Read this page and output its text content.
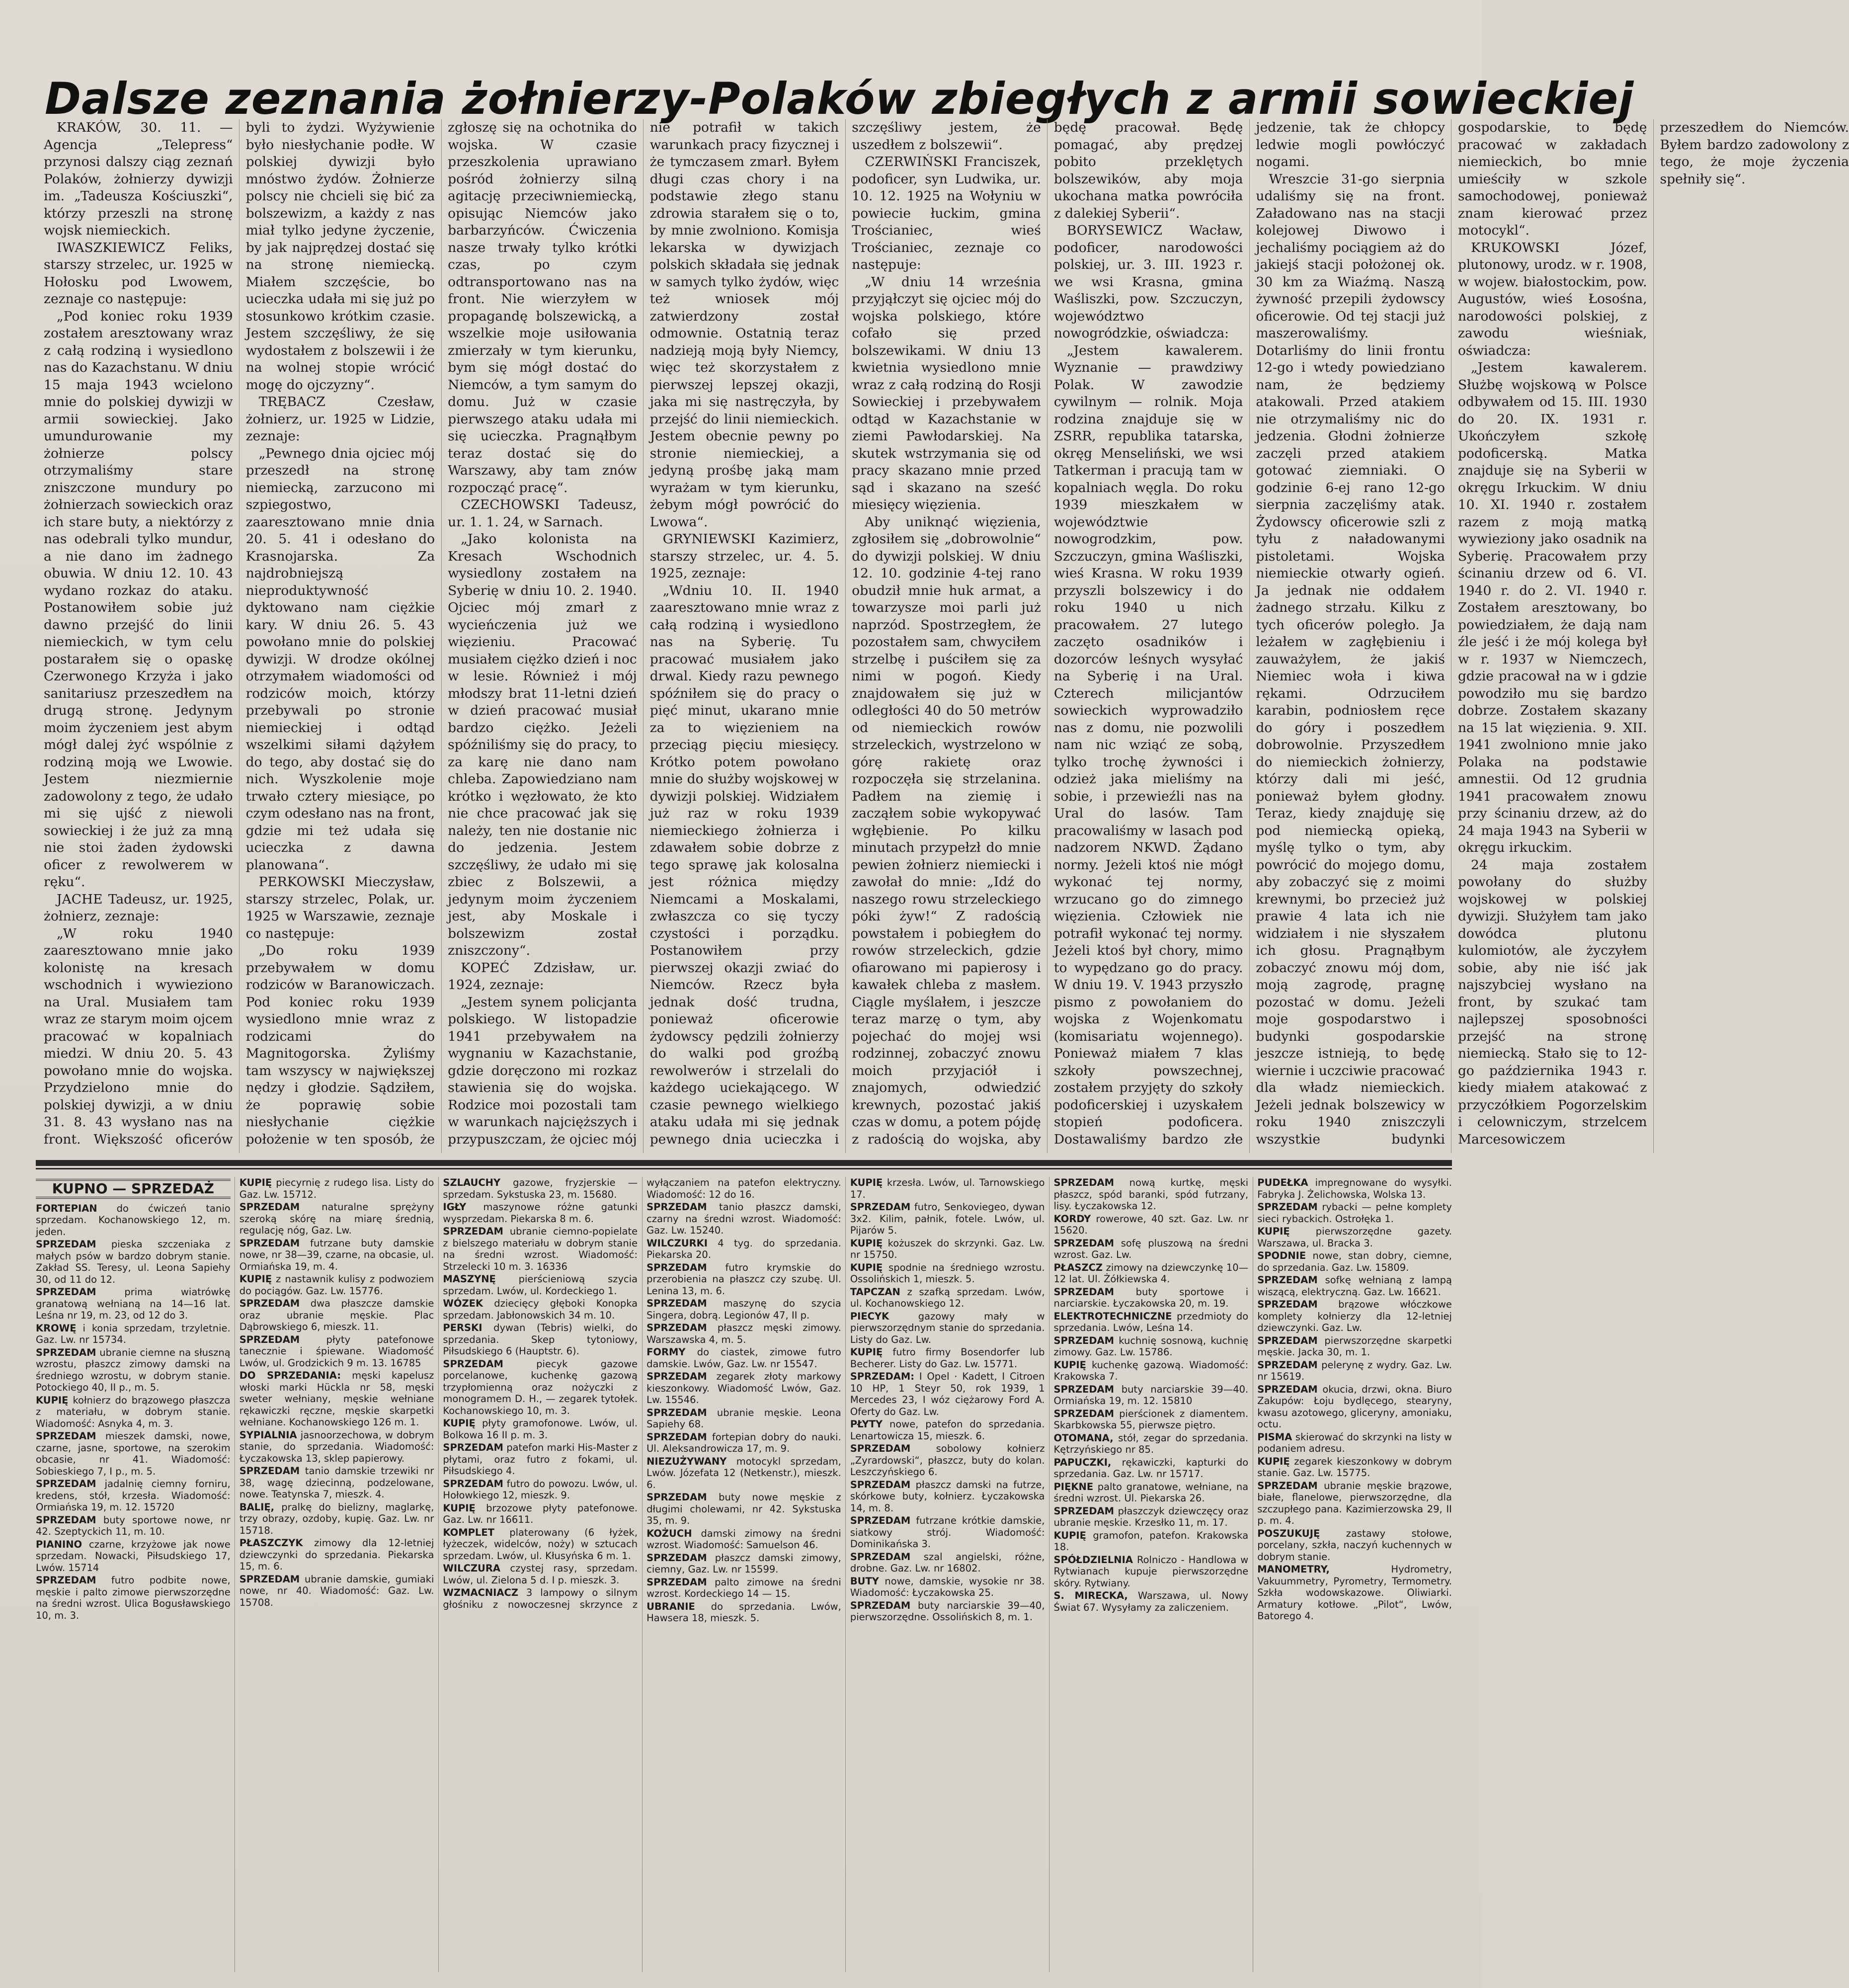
Dalsze zeznania żołnierzy-Polaków zbiegłych z armii sowieckiej

KRAKÓW, 30. 11. — Agencja „Telepress“ przynosi dalszy ciąg zeznań Polaków, żołnierzy dywizji im. „Tadeusza Kościuszki“, którzy przeszli na stronę wojsk niemieckich.

IWASZKIEWICZ Feliks, starszy strzelec, ur. 1925 w Hołosku pod Lwowem, zeznaje co następuje:

„Pod koniec roku 1939 zostałem aresztowany wraz z całą rodziną i wysiedlono nas do Kazachstanu. W dniu 15 maja 1943 wcielono mnie do polskiej dywizji w armii sowieckiej. Jako umundurowanie my żołnierze polscy otrzymaliśmy stare zniszczone mundury po żołnierzach sowieckich oraz ich stare buty, a niektórzy z nas odebrali tylko mundur, a nie dano im żadnego obuwia. W dniu 12. 10. 43 wydano rozkaz do ataku. Postanowiłem sobie już dawno przejść do linii niemieckich, w tym celu postarałem się o opaskę Czerwonego Krzyża i jako sanitariusz przeszedłem na drugą stronę. Jedynym moim życzeniem jest abym mógł dalej żyć wspólnie z rodziną moją we Lwowie. Jestem niezmiernie zadowolony z tego, że udało mi się ujść z niewoli sowieckiej i że już za mną nie stoi żaden żydowski oficer z rewolwerem w ręku“.

JACHE Tadeusz, ur. 1925, żołnierz, zeznaje:

„W roku 1940 zaaresztowano mnie jako kolonistę na kresach wschodnich i wywieziono na Ural. Musiałem tam wraz ze starym moim ojcem pracować w kopalniach miedzi. W dniu 20. 5. 43 powołano mnie do wojska. Przydzielono mnie do polskiej dywizji, a w dniu 31. 8. 43 wysłano nas na front. Większość oficerów byli to żydzi. Wyżywienie było niesłychanie podłe. W polskiej dywizji było mnóstwo żydów. Żołnierze polscy nie chcieli się bić za bolszewizm, a każdy z nas miał tylko jedyne życzenie, by jak najprędzej dostać się na stronę niemiecką. Miałem szczęście, bo ucieczka udała mi się już po stosunkowo krótkim czasie. Jestem szczęśliwy, że się wydostałem z bolszewii i że na wolnej stopie wrócić mogę do ojczyzny“.

TRĘBACZ Czesław, żołnierz, ur. 1925 w Lidzie, zeznaje:

„Pewnego dnia ojciec mój przeszedł na stronę niemiecką, zarzucono mi szpiegostwo, zaaresztowano mnie dnia 20. 5. 41 i odesłano do Krasnojarska. Za najdrobniejszą nieproduktywność dyktowano nam ciężkie kary. W dniu 26. 5. 43 powołano mnie do polskiej dywizji. W drodze okólnej otrzymałem wiadomości od rodziców moich, którzy przebywali po stronie niemieckiej i odtąd wszelkimi siłami dążyłem do tego, aby dostać się do nich. Wyszkolenie moje trwało cztery miesiące, po czym odesłano nas na front, gdzie mi też udała się ucieczka z dawna planowana“.

PERKOWSKI Mieczysław, starszy strzelec, Polak, ur. 1925 w Warszawie, zeznaje co następuje:

„Do roku 1939 przebywałem w domu rodziców w Baranowiczach. Pod koniec roku 1939 wysiedlono mnie wraz z rodzicami do Magnitogorska. Żyliśmy tam wszyscy w największej nędzy i głodzie. Sądziłem, że poprawię sobie niesłychanie ciężkie położenie w ten sposób, że zgłoszę się na ochotnika do wojska. W czasie przeszkolenia uprawiano pośród żołnierzy silną agitację przeciwniemiecką, opisując Niemców jako barbarzyńców. Ćwiczenia nasze trwały tylko krótki czas, po czym odtransportowano nas na front. Nie wierzyłem w propagandę bolszewicką, a wszelkie moje usiłowania zmierzały w tym kierunku, bym się mógł dostać do Niemców, a tym samym do domu. Już w czasie pierwszego ataku udała mi się ucieczka. Pragnąłbym teraz dostać się do Warszawy, aby tam znów rozpocząć pracę“.

CZECHOWSKI Tadeusz, ur. 1. 1. 24, w Sarnach.

„Jako kolonista na Kresach Wschodnich wysiedlony zostałem na Syberię w dniu 10. 2. 1940. Ojciec mój zmarł z wycieńczenia już we więzieniu. Pracować musiałem ciężko dzień i noc w lesie. Również i mój młodszy brat 11-letni dzień w dzień pracować musiał bardzo ciężko. Jeżeli spóźniliśmy się do pracy, to za karę nie dano nam chleba. Zapowiedziano nam krótko i węzłowato, że kto nie chce pracować jak się należy, ten nie dostanie nic do jedzenia. Jestem szczęśliwy, że udało mi się zbiec z Bolszewii, a jedynym moim życzeniem jest, aby Moskale i bolszewizm został zniszczony“.

KOPEĆ Zdzisław, ur. 1924, zeznaje:

„Jestem synem policjanta polskiego. W listopadzie 1941 przebywałem na wygnaniu w Kazachstanie, gdzie doręczono mi rozkaz stawienia się do wojska. Rodzice moi pozostali tam w warunkach najcięższych i przypuszczam, że ojciec mój nie potrafił w takich warunkach pracy fizycznej i że tymczasem zmarł. Byłem długi czas chory i na podstawie złego stanu zdrowia starałem się o to, by mnie zwolniono. Komisja lekarska w dywizjach polskich składała się jednak w samych tylko żydów, więc też wniosek mój zatwierdzony został odmownie. Ostatnią teraz nadzieją moją były Niemcy, więc też skorzystałem z pierwszej lepszej okazji, jaka mi się nastręczyła, by przejść do linii niemieckich. Jestem obecnie pewny po stronie niemieckiej, a jedyną prośbę jaką mam wyrażam w tym kierunku, żebym mógł powrócić do Lwowa“.

GRYNIEWSKI Kazimierz, starszy strzelec, ur. 4. 5. 1925, zeznaje:

„Wdniu 10. II. 1940 zaaresztowano mnie wraz z całą rodziną i wysiedlono nas na Syberię. Tu pracować musiałem jako drwal. Kiedy razu pewnego spóźniłem się do pracy o pięć minut, ukarano mnie za to więzieniem na przeciąg pięciu miesięcy. Krótko potem powołano mnie do służby wojskowej w dywizji polskiej. Widziałem już raz w roku 1939 niemieckiego żołnierza i zdawałem sobie dobrze z tego sprawę jak kolosalna jest różnica między Niemcami a Moskalami, zwłaszcza co się tyczy czystości i porządku. Postanowiłem przy pierwszej okazji zwiać do Niemców. Rzecz była jednak dość trudna, ponieważ oficerowie żydowscy pędzili żołnierzy do walki pod groźbą rewolwerów i strzelali do każdego uciekającego. W czasie pewnego wielkiego ataku udała mi się jednak pewnego dnia ucieczka i szczęśliwy jestem, że uszedłem z bolszewii“.

CZERWIŃSKI Franciszek, podoficer, syn Ludwika, ur. 10. 12. 1925 na Wołyniu w powiecie łuckim, gmina Trościaniec, wieś Trościaniec, zeznaje co następuje:

„W dniu 14 września przyjąłczyt się ojciec mój do wojska polskiego, które cofało się przed bolszewikami. W dniu 13 kwietnia wysiedlono mnie wraz z całą rodziną do Rosji Sowieckiej i przebywałem odtąd w Kazachstanie w ziemi Pawłodarskiej. Na skutek wstrzymania się od pracy skazano mnie przed sąd i skazano na sześć miesięcy więzienia.

Aby uniknąć więzienia, zgłosiłem się „dobrowolnie“ do dywizji polskiej. W dniu 12. 10. godzinie 4-tej rano obudził mnie huk armat, a towarzysze moi parli już naprzód. Spostrzegłem, że pozostałem sam, chwyciłem strzelbę i puściłem się za nimi w pogoń. Kiedy znajdowałem się już w odległości 40 do 50 metrów od niemieckich rowów strzeleckich, wystrzelono w górę rakietę oraz rozpoczęła się strzelanina. Padłem na ziemię i zacząłem sobie wykopywać wgłębienie. Po kilku minutach przypełzł do mnie pewien żołnierz niemiecki i zawołał do mnie: „Idź do naszego rowu strzeleckiego póki żyw!“ Z radością powstałem i pobiegłem do rowów strzeleckich, gdzie ofiarowano mi papierosy i kawałek chleba z masłem. Ciągle myślałem, i jeszcze teraz marzę o tym, aby pojechać do mojej wsi rodzinnej, zobaczyć znowu moich przyjaciół i znajomych, odwiedzić krewnych, pozostać jakiś czas w domu, a potem pójdę z radością do wojska, aby będę pracował. Będę pomagać, aby prędzej pobito przeklętych bolszewików, aby moja ukochana matka powróciła z dalekiej Syberii“.

BORYSEWICZ Wacław, podoficer, narodowości polskiej, ur. 3. III. 1923 r. we wsi Krasna, gmina Waśliszki, pow. Szczuczyn, województwo nowogródzkie, oświadcza:

„Jestem kawalerem. Wyznanie — prawdziwy Polak. W zawodzie cywilnym — rolnik. Moja rodzina znajduje się w ZSRR, republika tatarska, okręg Menseliński, we wsi Tatkerman i pracują tam w kopalniach węgla. Do roku 1939 mieszkałem w województwie nowogrodzkim, pow. Szczuczyn, gmina Waśliszki, wieś Krasna. W roku 1939 przyszli bolszewicy i do roku 1940 u nich pracowałem. 27 lutego zaczęto osadników i dozorców leśnych wysyłać na Syberię i na Ural. Czterech milicjantów sowieckich wyprowadziło nas z domu, nie pozwolili nam nic wziąć ze sobą, tylko trochę żywności i odzież jaka mieliśmy na sobie, i przewieźli nas na Ural do lasów. Tam pracowaliśmy w lasach pod nadzorem NKWD. Żądano normy. Jeżeli ktoś nie mógł wykonać tej normy, wrzucano go do zimnego więzienia. Człowiek nie potrafił wykonać tej normy. Jeżeli ktoś był chory, mimo to wypędzano go do pracy. W dniu 19. V. 1943 przyszło pismo z powołaniem do wojska z Wojenkomatu (komisariatu wojennego). Ponieważ miałem 7 klas szkoły powszechnej, zostałem przyjęty do szkoły podoficerskiej i uzyskałem stopień podoficera. Dostawaliśmy bardzo złe jedzenie, tak że chłopcy ledwie mogli powłóczyć nogami.

Wreszcie 31-go sierpnia udaliśmy się na front. Załadowano nas na stacji kolejowej Diwowo i jechaliśmy pociągiem aż do jakiejś stacji położonej ok. 30 km za Wiaźmą. Naszą żywność przepili żydowscy oficerowie. Od tej stacji już maszerowaliśmy. Dotarliśmy do linii frontu 12-go i wtedy powiedziano nam, że będziemy atakowali. Przed atakiem nie otrzymaliśmy nic do jedzenia. Głodni żołnierze zaczęli przed atakiem gotować ziemniaki. O godzinie 6-ej rano 12-go sierpnia zaczęliśmy atak. Żydowscy oficerowie szli z tyłu z naładowanymi pistoletami. Wojska niemieckie otwarły ogień. Ja jednak nie oddałem żadnego strzału. Kilku z tych oficerów poległo. Ja leżałem w zagłębieniu i zauważyłem, że jakiś Niemiec woła i kiwa rękami. Odrzuciłem karabin, podniosłem ręce do góry i poszedłem dobrowolnie. Przyszedłem do niemieckich żołnierzy, którzy dali mi jeść, ponieważ byłem głodny. Teraz, kiedy znajduję się pod niemiecką opieką, myślę tylko o tym, aby powrócić do mojego domu, aby zobaczyć się z moimi krewnymi, bo przecież już prawie 4 lata ich nie widziałem i nie słyszałem ich głosu. Pragnąłbym zobaczyć znowu mój dom, moją zagrodę, pragnę pozostać w domu. Jeżeli moje gospodarstwo i budynki gospodarskie jeszcze istnieją, to będę wiernie i uczciwie pracować dla władz niemieckich. Jeżeli jednak bolszewicy w roku 1940 zniszczyli wszystkie budynki gospodarskie, to będę pracować w zakładach niemieckich, bo mnie umieściły w szkole samochodowej, ponieważ znam kierować przez motocykl“.

KRUKOWSKI Józef, plutonowy, urodz. w r. 1908, w wojew. białostockim, pow. Augustów, wieś Łosośna, narodowości polskiej, z zawodu wieśniak, oświadcza:

„Jestem kawalerem. Służbę wojskową w Polsce odbywałem od 15. III. 1930 do 20. IX. 1931 r. Ukończyłem szkołę podoficerską. Matka znajduje się na Syberii w okręgu Irkuckim. W dniu 10. XI. 1940 r. zostałem razem z moją matką wywieziony jako osadnik na Syberię. Pracowałem przy ścinaniu drzew od 6. VI. 1940 r. do 2. VI. 1940 r. Zostałem aresztowany, bo powiedziałem, że dają nam źle jeść i że mój kolega był w r. 1937 w Niemczech, gdzie pracował na w i gdzie powodziło mu się bardzo dobrze. Zostałem skazany na 15 lat więzienia. 9. XII. 1941 zwolniono mnie jako Polaka na podstawie amnestii. Od 12 grudnia 1941 pracowałem znowu przy ścinaniu drzew, aż do 24 maja 1943 na Syberii w okręgu irkuckim.

24 maja zostałem powołany do służby wojskowej w polskiej dywizji. Służyłem tam jako dowódca plutonu kulomiotów, ale życzyłem sobie, aby nie iść jak najszybciej wysłano na front, by szukać tam najlepszej sposobności przejść na stronę niemiecką. Stało się to 12-go października 1943 r. kiedy miałem atakować z przyczółkiem Pogorzelskim i celowniczym, strzelcem Marcesowiczem przeszedłem do Niemców. Byłem bardzo zadowolony z tego, że moje życzenia spełniły się“.

KUPNO — SPRZEDAŻ
FORTEPIAN do ćwiczeń tanio sprzedam. Kochanowskiego 12, m. jeden.
SPRZEDAM pieska szczeniaka z małych psów w bardzo dobrym stanie. Zakład SS. Teresy, ul. Leona Sapiehy 30, od 11 do 12.
SPRZEDAM	prima wiatrówkę granatową wełnianą na 14—16 lat. Leśna nr 19, m. 23, od 12 do 3.
KROWĘ i konia sprzedam, trzyletnie. Gaz. Lw. nr 15734.
SPRZEDAM ubranie ciemne na słuszną wzrostu, płaszcz zimowy damski na średniego wzrostu, w dobrym stanie. Potockiego 40, II p., m. 5.
KUPIĘ kołnierz do brązowego płaszcza z materiału, w dobrym stanie. Wiadomość: Asnyka 4, m. 3.
SPRZEDAM mieszek damski, nowe, czarne, jasne, sportowe, na szerokim obcasie, nr 41. Wiadomość: Sobieskiego 7, I p., m. 5.
SPRZEDAM jadalnię ciemny forniru, kredens, stół, krzesła. Wiadomość: Ormiańska 19, m. 12. 15720
SPRZEDAM buty sportowe nowe, nr 42. Szeptyckich 11, m. 10.
PIANINO czarne, krzyżowe jak nowe sprzedam. Nowacki, Piłsudskiego 17, Lwów. 15714
SPRZEDAM futro podbite nowe, męskie i palto zimowe pierwszorzędne na średni wzrost. Ulica Bogusławskiego 10, m. 3.
KUPIĘ piecyrnię z rudego lisa. Listy do Gaz. Lw. 15712.
SPRZEDAM naturalne sprężyny szeroką skórę na miarę średnią, regulację nóg, Gaz. Lw.
SPRZEDAM futrzane buty damskie nowe, nr 38—39, czarne, na obcasie, ul. Ormiańska 19, m. 4.
KUPIĘ z nastawnik kulisy z podwoziem do pociągów. Gaz. Lw. 15776.
SPRZEDAM dwa płaszcze damskie oraz ubranie męskie. Plac Dąbrowskiego 6, mieszk. 11.
SPRZEDAM	płyty patefonowe tanecznie i śpiewane. Wiadomość Lwów, ul. Grodzickich 9 m. 13. 16785
DO SPRZEDANIA: męski kapelusz włoski marki Hückla nr 58, męski sweter wełniany, męskie wełniane rękawiczki ręczne, męskie skarpetki wełniane. Kochanowskiego 126 m. 1.
SYPIALNIA jasnoorzechowa, w dobrym stanie, do sprzedania. Wiadomość: Łyczakowska 13, sklep papierowy.
SPRZEDAM tanio damskie trzewiki nr 38, wagę dziecinną, podzelowane, nowe. Teatynska 7, mieszk. 4.
BALIĘ, pralkę do bielizny, maglarkę, trzy obrazy, ozdoby, kupię. Gaz. Lw. nr 15718.
PŁASZCZYK zimowy dla 12-letniej dziewczynki do sprzedania. Piekarska 15, m. 6.
SPRZEDAM ubranie damskie, gumiaki nowe, nr 40. Wiadomość: Gaz. Lw. 15708.
SZLAUCHY gazowe, fryzjerskie — sprzedam. Sykstuska 23, m. 15680.
IGŁY maszynowe różne gatunki wysprzedam. Piekarska 8 m. 6.
SPRZEDAM ubranie ciemno-popielate z bielszego materiału w dobrym stanie na średni wzrost. Wiadomość: Strzelecki 10 m. 3. 16336
MASZYNĘ pierścieniową szycia sprzedam. Lwów, ul. Kordeckiego 1.
WÓZEK dziecięcy głęboki Konopka sprzedam. Jabłonowskich 34 m. 10.
PERSKI dywan (Tebris) wielki, do sprzedania. Skep tytoniowy, Piłsudskiego 6 (Hauptstr. 6).
SPRZEDAM	piecyk gazowe porcelanowe, kuchenkę gazową trzypłomienną oraz nożyczki z monogramem D. H., — zegarek tytołek. Kochanowskiego 10, m. 3.
KUPIĘ płyty gramofonowe. Lwów, ul. Bolkowa 16 II p. m. 3.
SPRZEDAM patefon marki His-Master z płytami, oraz futro z fokami, ul. Piłsudskiego 4.
SPRZEDAM futro do powozu. Lwów, ul. Hołowkiego 12, mieszk. 9.
KUPIĘ brzozowe płyty patefonowe. Gaz. Lw. nr 16611.
KOMPLET platerowany (6 łyżek, łyżeczek, widelców, noży) w sztucach sprzedam. Lwów, ul. Kłusyńska 6 m. 1.
WILCZURA czystej rasy, sprzedam. Lwów, ul. Zielona 5 d. I p. mieszk. 3.
WZMACNIACZ 3 lampowy o silnym głośniku z nowoczesnej skrzynce z wyłączaniem na patefon elektryczny. Wiadomość: 12 do 16.
SPRZEDAM tanio płaszcz damski, czarny na średni wzrost. Wiadomość: Gaz. Lw. 15240.
WILCZURKI 4 tyg. do sprzedania. Piekarska 20.
SPRZEDAM futro krymskie do przerobienia na płaszcz czy szubę. Ul. Lenina 13, m. 6.
SPRZEDAM maszynę do szycia Singera, dobrą. Legionów 47, II p.
SPRZEDAM płaszcz męski zimowy. Warszawska 4, m. 5.
FORMY do ciastek, zimowe futro damskie. Lwów, Gaz. Lw. nr 15547.
SPRZEDAM zegarek złoty markowy kieszonkowy. Wiadomość Lwów, Gaz. Lw. 15546.
SPRZEDAM ubranie męskie. Leona Sapiehy 68.
SPRZEDAM fortepian dobry do nauki. Ul. Aleksandrowicza 17, m. 9.
NIEZUŻYWANY motocykl sprzedam, Lwów. Józefata 12 (Netkenstr.), mieszk. 6.
SPRZEDAM buty nowe męskie z długimi cholewami, nr 42. Sykstuska 35, m. 9.
KOŻUCH damski zimowy na średni wzrost. Wiadomość: Samuelson 46.
SPRZEDAM płaszcz damski zimowy, ciemny, Gaz. Lw. nr 15599.
SPRZEDAM palto zimowe na średni wzrost. Kordeckiego 14 — 15.
UBRANIE do sprzedania. Lwów, Hawsera 18, mieszk. 5.
KUPIĘ krzesła. Lwów, ul. Tarnowskiego 17.
SPRZEDAM futro, Senkoviegeo, dywan 3x2. Kilim, pałnik, fotele. Lwów, ul. Pijarów 5.
KUPIĘ kożuszek do skrzynki. Gaz. Lw. nr 15750.
KUPIĘ spodnie na średniego wzrostu. Ossolińskich 1, mieszk. 5.
TAPCZAN z szafką sprzedam. Lwów, ul. Kochanowskiego 12.
PIECYK	gazowy mały w pierwszorzędnym stanie do sprzedania. Listy do Gaz. Lw.
KUPIĘ futro firmy Bosendorfer lub Becherer. Listy do Gaz. Lw. 15771.
SPRZEDAM: I Opel · Kadett, I Citroen 10 HP, 1 Steyr 50, rok 1939, 1 Mercedes 23, I wóz ciężarowy Ford A. Oferty do Gaz. Lw.
PŁYTY nowe, patefon do sprzedania. Lenartowicza 15, mieszk. 6.
SPRZEDAM	sobolowy kołnierz „Zyrardowski“, płaszcz, buty do kolan. Leszczyńskiego 6.
SPRZEDAM płaszcz damski na futrze, skórkowe buty, kołnierz. Łyczakowska 14, m. 8.
SPRZEDAM futrzane krótkie damskie, siatkowy strój. Wiadomość: Dominikańska 3.
SPRZEDAM szal angielski, różne, drobne. Gaz. Lw. nr 16802.
BUTY nowe, damskie, wysokie nr 38. Wiadomość: Łyczakowska 25.
SPRZEDAM buty narciarskie 39—40, pierwszorzędne. Ossolińskich 8, m. 1.
SPRZEDAM nową kurtkę, męski płaszcz, spód baranki, spód futrzany, lisy. Łyczakowska 12.
KORDY rowerowe, 40 szt. Gaz. Lw. nr 15620.
SPRZEDAM sofę pluszową na średni wzrost. Gaz. Lw.
PŁASZCZ zimowy na dziewczynkę 10—12 lat. Ul. Żółkiewska 4.
SPRZEDAM buty sportowe i narciarskie. Łyczakowska 20, m. 19.
ELEKTROTECHNICZNE przedmioty do sprzedania. Lwów, Leśna 14.
SPRZEDAM kuchnię sosnową, kuchnię zimowy. Gaz. Lw. 15786.
KUPIĘ kuchenkę gazową. Wiadomość: Krakowska 7.
SPRZEDAM buty narciarskie 39—40. Ormiańska 19, m. 12. 15810
SPRZEDAM pierścionek z diamentem. Skarbkowska 55, pierwsze piętro.
OTOMANA, stół, zegar do sprzedania. Kętrzyńskiego nr 85.
PAPUCZKI, rękawiczki, kapturki do sprzedania. Gaz. Lw. nr 15717.
PIĘKNE palto granatowe, wełniane, na średni wzrost. Ul. Piekarska 26.
SPRZEDAM płaszczyk dziewczęcy oraz ubranie męskie. Krzesłko 11, m. 17.
KUPIĘ gramofon, patefon. Krakowska 18.
SPÓŁDZIELNIA Rolniczo - Handlowa w Rytwianach kupuje pierwszorzędne skóry. Rytwiany.
S. MIRECKA, Warszawa, ul. Nowy Świat 67. Wysyłamy za zaliczeniem.
PUDEŁKA impregnowane do wysyłki. Fabryka J. Żelichowska, Wolska 13.
SPRZEDAM rybacki — pełne komplety sieci rybackich. Ostrołęka 1.
KUPIĘ	pierwszorzędne gazety. Warszawa, ul. Bracka 3.
SPODNIE nowe, stan dobry, ciemne, do sprzedania. Gaz. Lw. 15809.
SPRZEDAM sofkę wełnianą z lampą wiszącą, elektryczną. Gaz. Lw. 16621.
SPRZEDAM brązowe włóczkowe komplety kołnierzy dla 12-letniej dziewczynki. Gaz. Lw.
SPRZEDAM pierwszorzędne skarpetki męskie. Jacka 30, m. 1.
SPRZEDAM pelerynę z wydry. Gaz. Lw. nr 15619.
SPRZEDAM okucia, drzwi, okna. Biuro Zakupów: Łoju bydlęcego, stearyny, kwasu azotowego, gliceryny, amoniaku, octu.
PISMA skierować do skrzynki na listy w podaniem adresu.
KUPIĘ zegarek kieszonkowy w dobrym stanie. Gaz. Lw. 15775.
SPRZEDAM ubranie męskie brązowe, białe, flanelowe, pierwszorzędne, dla szczupłego pana. Kazimierzowska 29, II p. m. 4.
POSZUKUJĘ	zastawy stołowe, porcelany, szkła, naczyń kuchennych w dobrym stanie.
MANOMETRY,	Hydrometry, Vakuummetry, Pyrometry, Termometry. Szkła wodowskazowe. Oliwiarki. Armatury kotłowe. „Pilot“, Lwów, Batorego 4.
